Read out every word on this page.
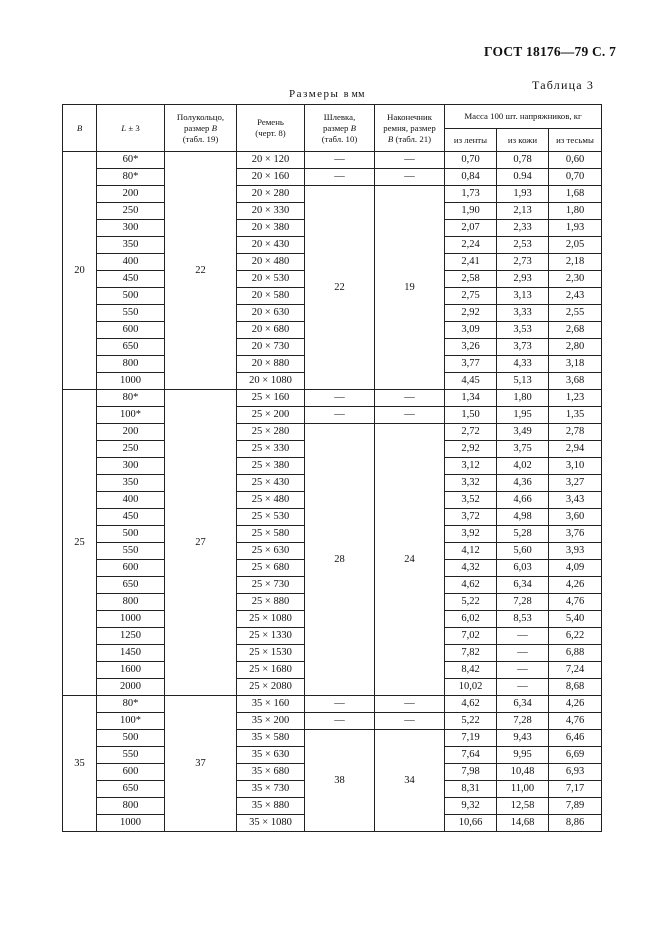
ГОСТ 18176—79 С. 7
Таблица 3
Размеры в мм
B	L ± 3	Полукольцо,
размер B
(табл. 19)	Ремень
(черт. 8)	Шлевка,
размер B
(табл. 10)	Наконечник
ремня, размер
B (табл. 21)	Масса 100 шт. напряжников, кг		
						из ленты	из кожи	из тесьмы
20	60*	22	20 × 120	—	—	0,70	0,78	0,60
	80*		20 × 160	—	—	0,84	0.94	0,70
	200		20 × 280	22	19	1,73	1,93	1,68
	250		20 × 330			1,90	2,13	1,80
	300		20 × 380			2,07	2,33	1,93
	350		20 × 430			2,24	2,53	2,05
	400		20 × 480			2,41	2,73	2,18
	450		20 × 530			2,58	2,93	2,30
	500		20 × 580			2,75	3,13	2,43
	550		20 × 630			2,92	3,33	2,55
	600		20 × 680			3,09	3,53	2,68
	650		20 × 730			3,26	3,73	2,80
	800		20 × 880			3,77	4,33	3,18
	1000		20 × 1080			4,45	5,13	3,68
25	80*	27	25 × 160	—	—	1,34	1,80	1,23
	100*		25 × 200	—	—	1,50	1,95	1,35
	200		25 × 280	28	24	2,72	3,49	2,78
	250		25 × 330			2,92	3,75	2,94
	300		25 × 380			3,12	4,02	3,10
	350		25 × 430			3,32	4,36	3,27
	400		25 × 480			3,52	4,66	3,43
	450		25 × 530			3,72	4,98	3,60
	500		25 × 580			3,92	5,28	3,76
	550		25 × 630			4,12	5,60	3,93
	600		25 × 680			4,32	6,03	4,09
	650		25 × 730			4,62	6,34	4,26
	800		25 × 880			5,22	7,28	4,76
	1000		25 × 1080			6,02	8,53	5,40
	1250		25 × 1330			7,02	—	6,22
	1450		25 × 1530			7,82	—	6,88
	1600		25 × 1680			8,42	—	7,24
	2000		25 × 2080			10,02	—	8,68
35	80*	37	35 × 160	—	—	4,62	6,34	4,26
	100*		35 × 200	—	—	5,22	7,28	4,76
	500		35 × 580	38	34	7,19	9,43	6,46
	550		35 × 630			7,64	9,95	6,69
	600		35 × 680			7,98	10,48	6,93
	650		35 × 730			8,31	11,00	7,17
	800		35 × 880			9,32	12,58	7,89
	1000		35 × 1080			10,66	14,68	8,86
